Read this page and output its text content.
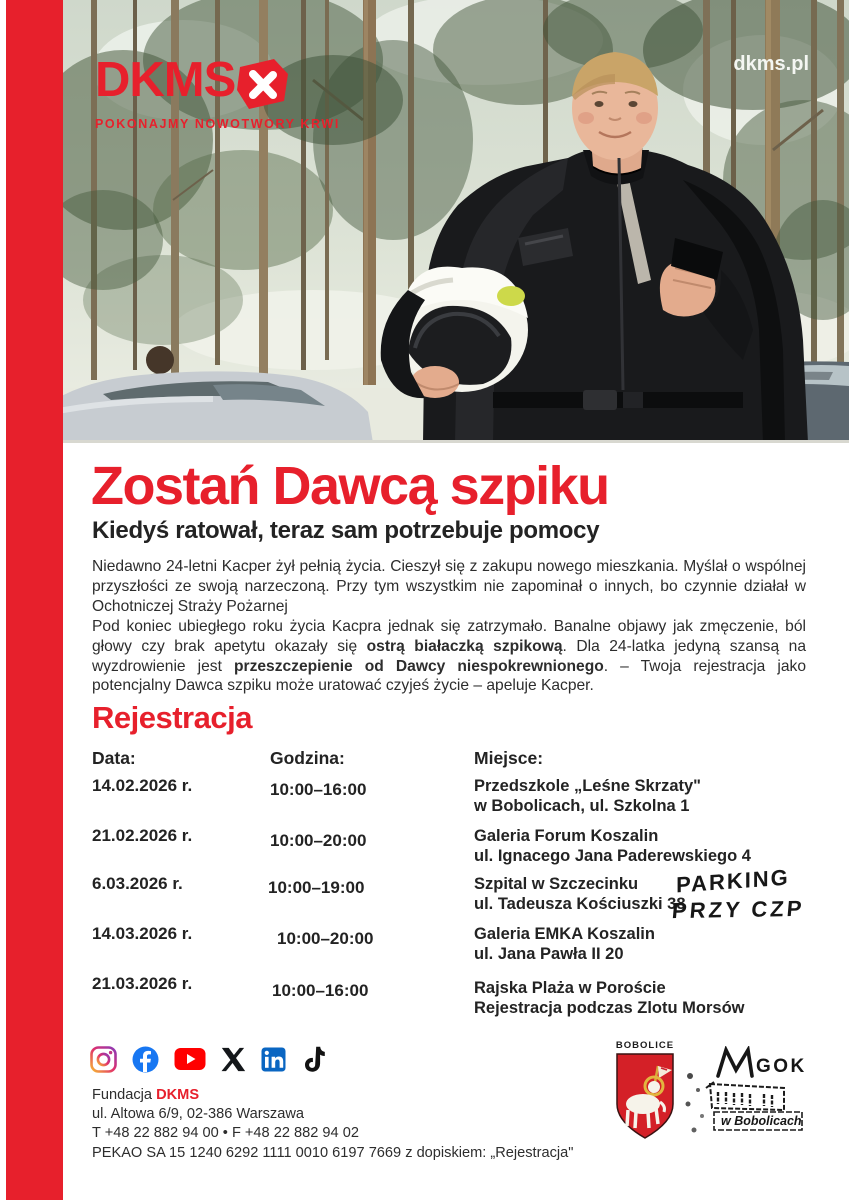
DKMS
POKONAJMY NOWOTWORY KRWI
dkms.pl
Zostań Dawcą szpiku
Kiedyś ratował, teraz sam potrzebuje pomocy

Niedawno 24-letni Kacper żył pełnią życia. Cieszył się z zakupu nowego mieszkania. Myślał o wspólnej przyszłości ze swoją narzeczoną. Przy tym wszystkim nie zapominał o innych, bo czynnie działał w Ochotniczej Straży Pożarnej

Pod koniec ubiegłego roku życia Kacpra jednak się zatrzymało. Banalne objawy jak zmęczenie, ból głowy czy brak apetytu okazały się ostrą białaczką szpikową. Dla 24-latka jedyną szansą na wyzdrowienie jest przeszczepienie od Dawcy niespokrewnionego. – Twoja rejestracja jako potencjalny Dawca szpiku może uratować czyjeś życie – apeluje Kacper.

Rejestracja
Data:	Godzina:	Miejsce:
14.02.2026 r.	10:00–16:00	Przedszkole „Leśne Skrzaty"
w Bobolicach, ul. Szkolna 1
21.02.2026 r.	10:00–20:00	Galeria Forum Koszalin
ul. Ignacego Jana Paderewskiego 4
6.03.2026 r.	10:00–19:00	Szpital w Szczecinku
ul. Tadeusza Kościuszki 38
14.03.2026 r.	10:00–20:00	Galeria EMKA Koszalin
ul. Jana Pawła II 20
21.03.2026 r.	10:00–16:00	Rajska Plaża w Poroście
Rejestracja podczas Zlotu Morsów
PARKING
PRZY CZP
BOBOLICE
GOK
w Bobolicach
Fundacja DKMS
ul. Altowa 6/9, 02-386 Warszawa
T +48 22 882 94 00 • F +48 22 882 94 02
PEKAO SA 15 1240 6292 1111 0010 6197 7669 z dopiskiem: „Rejestracja"
